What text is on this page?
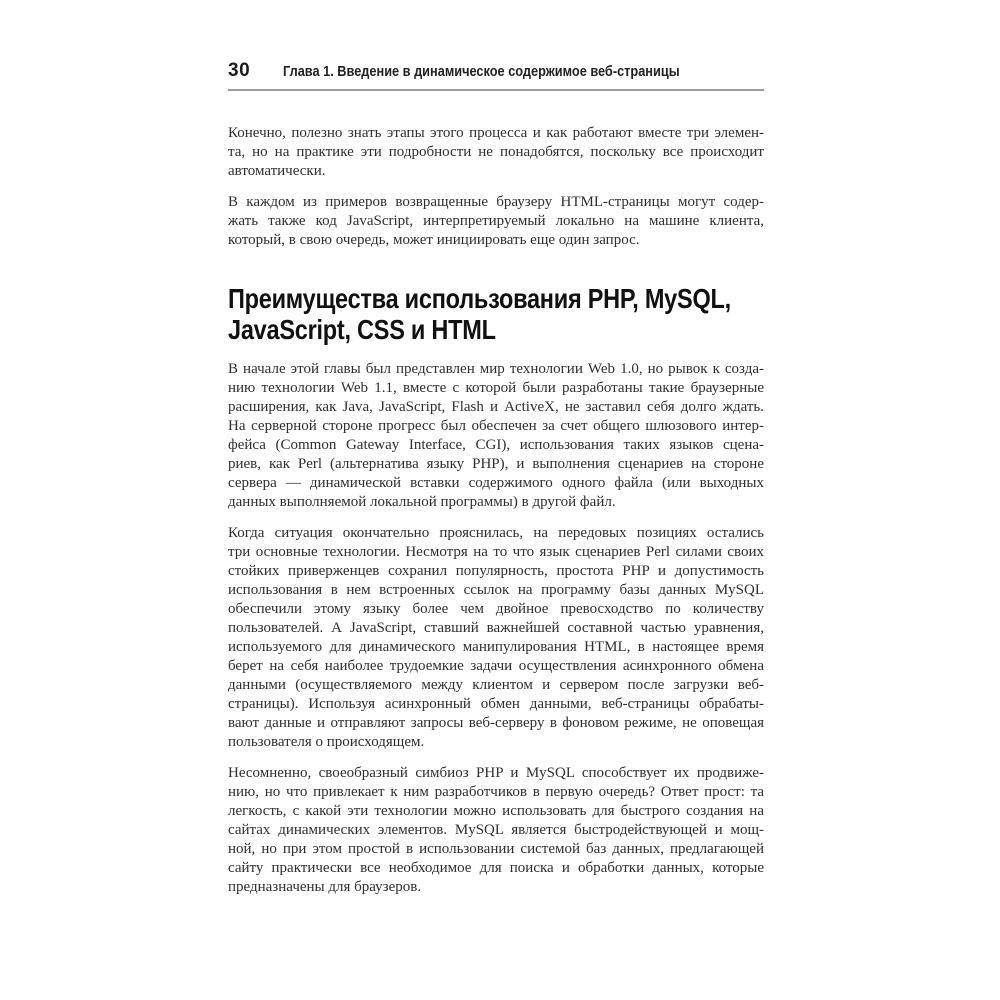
30 Глава 1. Введение в динамическое содержимое веб-страницы

Конечно, полезно знать этапы этого процесса и как работают вместе три элемен-
та, но на практике эти подробности не понадобятся, поскольку все происходит
автоматически.

В каждом из примеров возвращенные браузеру HTML-страницы могут содер-
жать также код JavaScript, интерпретируемый локально на машине клиента,
который, в свою очередь, может инициировать еще один запрос.

Преимущества использования PHP, MySQL,
JavaScript, CSS и HTML

В начале этой главы был представлен мир технологии Web 1.0, но рывок к созда-
нию технологии Web 1.1, вместе с которой были разработаны такие браузерные
расширения, как Java, JavaScript, Flash и ActiveX, не заставил себя долго ждать.
На серверной стороне прогресс был обеспечен за счет общего шлюзового интер-
фейса (Common Gateway Interface, CGI), использования таких языков сцена-
риев, как Perl (альтернатива языку PHP), и выполнения сценариев на стороне
сервера — динамической вставки содержимого одного файла (или выходных
данных выполняемой локальной программы) в другой файл.

Когда ситуация окончательно прояснилась, на передовых позициях остались
три основные технологии. Несмотря на то что язык сценариев Perl силами своих
стойких приверженцев сохранил популярность, простота PHP и допустимость
использования в нем встроенных ссылок на программу базы данных MySQL
обеспечили этому языку более чем двойное превосходство по количеству
пользователей. А JavaScript, ставший важнейшей составной частью уравнения,
используемого для динамического манипулирования HTML, в настоящее время
берет на себя наиболее трудоемкие задачи осуществления асинхронного обмена
данными (осуществляемого между клиентом и сервером после загрузки веб-
страницы). Используя асинхронный обмен данными, веб-страницы обрабаты-
вают данные и отправляют запросы веб-серверу в фоновом режиме, не оповещая
пользователя о происходящем.

Несомненно, своеобразный симбиоз PHP и MySQL способствует их продвиже-
нию, но что привлекает к ним разработчиков в первую очередь? Ответ прост: та
легкость, с какой эти технологии можно использовать для быстрого создания на
сайтах динамических элементов. MySQL является быстродействующей и мощ-
ной, но при этом простой в использовании системой баз данных, предлагающей
сайту практически все необходимое для поиска и обработки данных, которые
предназначены для браузеров.
